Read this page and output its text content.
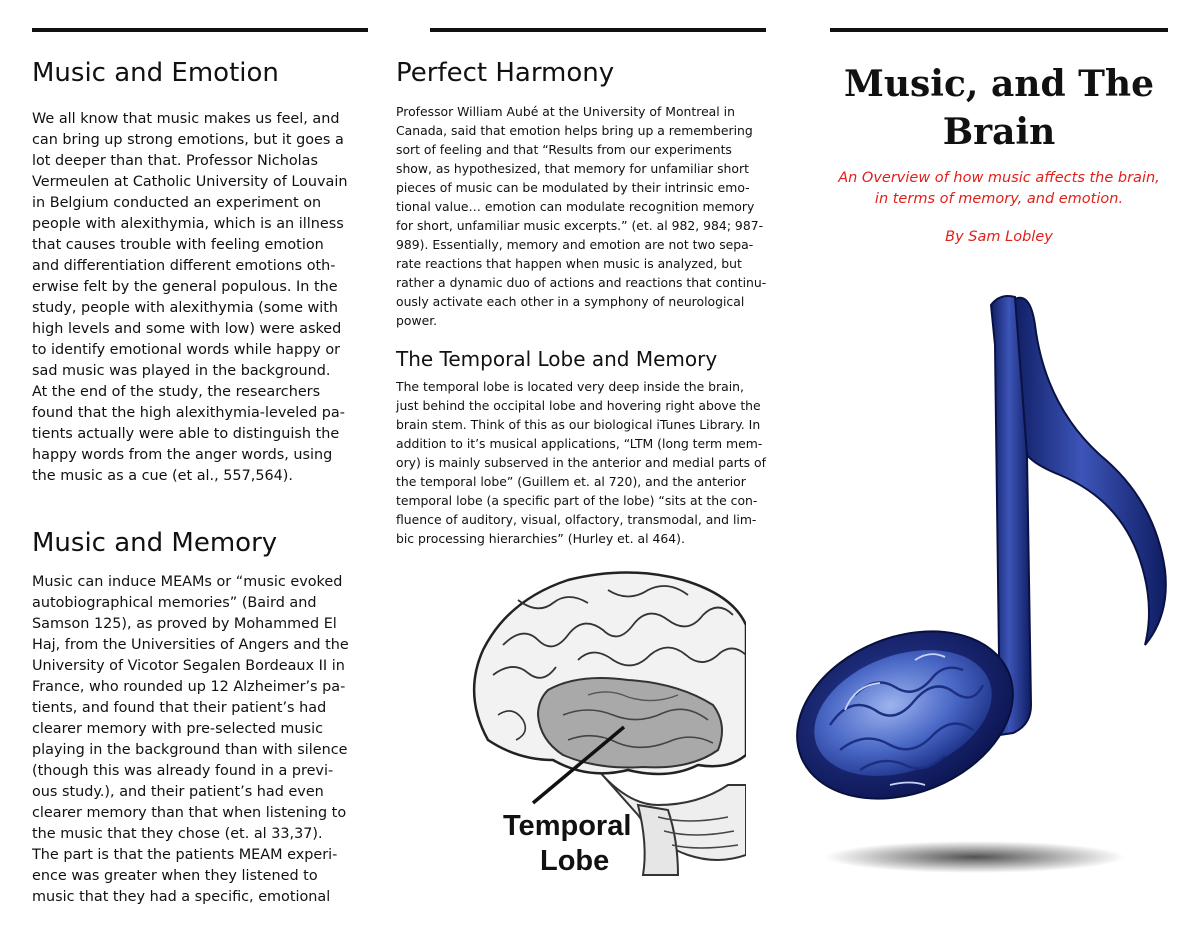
Music and Emotion
We all know that music makes us feel, and
can bring up strong emotions, but it goes a
lot deeper than that. Professor Nicholas
Vermeulen at Catholic University of Louvain
in Belgium conducted an experiment on
people with alexithymia, which is an illness
that causes trouble with feeling emotion
and differentiation different emotions oth-
erwise felt by the general populous. In the
study, people with alexithymia (some with
high levels and some with low) were asked
to identify emotional words while happy or
sad music was played in the background.
At the end of the study, the researchers
found that the high alexithymia-leveled pa-
tients actually were able to distinguish the
happy words from the anger words, using
the music as a cue (et al., 557,564).
Music and Memory
Music can induce MEAMs or “music evoked
autobiographical memories” (Baird and
Samson 125), as proved by Mohammed El
Haj, from the Universities of Angers and the
University of Vicotor Segalen Bordeaux II in
France, who rounded up 12 Alzheimer’s pa-
tients, and found that their patient’s had
clearer memory with pre-selected music
playing in the background than with silence
(though this was already found in a previ-
ous study.), and their patient’s had even
clearer memory than that when listening to
the music that they chose (et. al 33,37).
The part is that the patients MEAM experi-
ence was greater when they listened to
music that they had a specific, emotional
Perfect Harmony
Professor William Aubé at the University of Montreal in
Canada, said that emotion helps bring up a remembering
sort of feeling and that “Results from our experiments
show, as hypothesized, that memory for unfamiliar short
pieces of music can be modulated by their intrinsic emo-
tional value… emotion can modulate recognition memory
for short, unfamiliar music excerpts.” (et. al 982, 984; 987-
989). Essentially, memory and emotion are not two sepa-
rate reactions that happen when music is analyzed, but
rather a dynamic duo of actions and reactions that continu-
ously activate each other in a symphony of neurological
power.
The Temporal Lobe and Memory
The temporal lobe is located very deep inside the brain,
just behind the occipital lobe and hovering right above the
brain stem. Think of this as our biological iTunes Library. In
addition to it’s musical applications, “LTM (long term mem-
ory) is mainly subserved in the anterior and medial parts of
the temporal lobe” (Guillem et. al 720), and the anterior
temporal lobe (a specific part of the lobe) “sits at the con-
fluence of auditory, visual, olfactory, transmodal, and lim-
bic processing hierarchies” (Hurley et. al 464).
Temporal
Lobe
Music, and The
Brain

An Overview of how music affects the brain,
in terms of memory, and emotion.

By Sam Lobley
